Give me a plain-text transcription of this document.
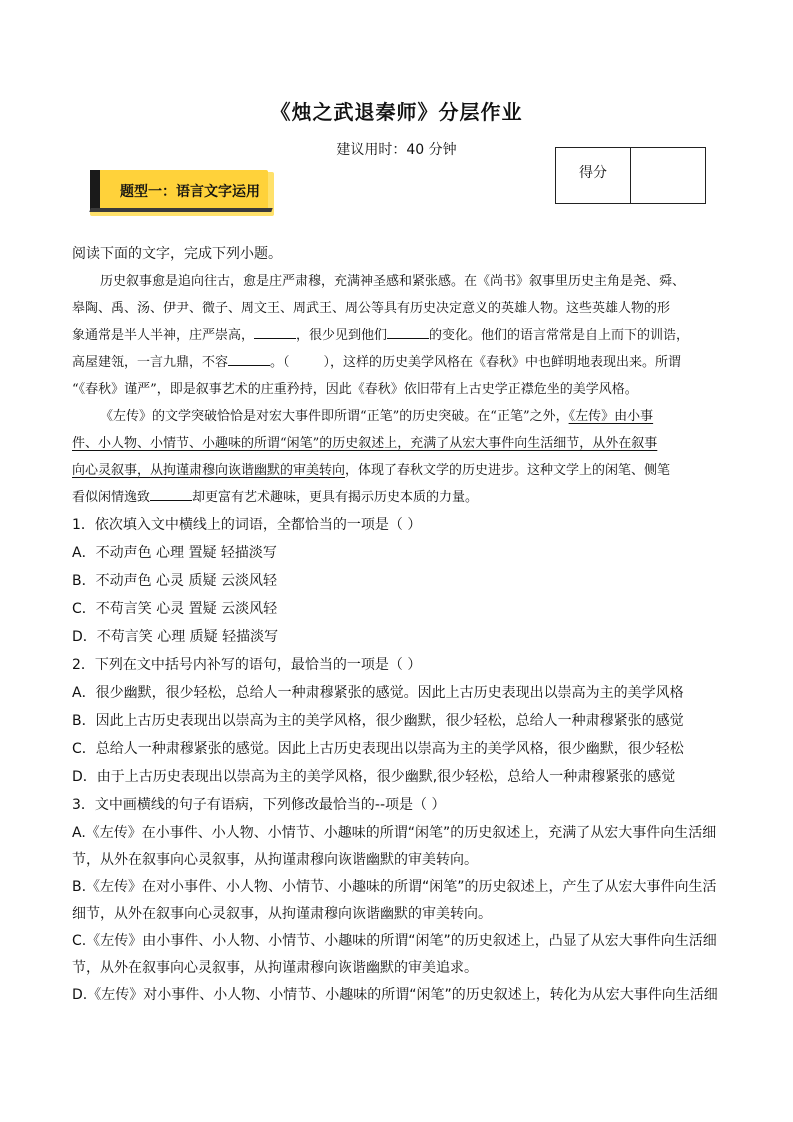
《烛之武退秦师》分层作业
建议用时：40 分钟
得分
题型一：语言文字运用
阅读下面的文字，完成下列小题。
历史叙事愈是追向往古，愈是庄严肃穆，充满神圣感和紧张感。在《尚书》叙事里历史主角是尧、舜、
皋陶、禹、汤、伊尹、微子、周文王、周武王、周公等具有历史决定意义的英雄人物。这些英雄人物的形
象通常是半人半神，庄严崇高，	，很少见到他们	的变化。他们的语言常常是自上而下的训诰，
高屋建瓴，一言九鼎，不容	。（	），这样的历史美学风格在《春秋》中也鲜明地表现出来。所谓
“《春秋》谨严”，即是叙事艺术的庄重矜持，因此《春秋》依旧带有上古史学正襟危坐的美学风格。
《左传》的文学突破恰恰是对宏大事件即所谓“正笔”的历史突破。在“正笔”之外，《左传》由小事
件、小人物、小情节、小趣味的所谓“闲笔”的历史叙述上，充满了从宏大事件向生活细节，从外在叙事
向心灵叙事，从拘谨肃穆向诙谐幽默的审美转向，体现了春秋文学的历史进步。这种文学上的闲笔、侧笔
看似闲情逸致	却更富有艺术趣味，更具有揭示历史本质的力量。
1．依次填入文中横线上的词语，全都恰当的一项是（ ）
A．不动声色 心理 置疑 轻描淡写
B．不动声色 心灵 质疑 云淡风轻
C．不苟言笑 心灵 置疑 云淡风轻
D．不苟言笑 心理 质疑 轻描淡写
2．下列在文中括号内补写的语句，最恰当的一项是（ ）
A．很少幽默，很少轻松，总给人一种肃穆紧张的感觉。因此上古历史表现出以崇高为主的美学风格
B．因此上古历史表现出以崇高为主的美学风格，很少幽默，很少轻松，总给人一种肃穆紧张的感觉
C．总给人一种肃穆紧张的感觉。因此上古历史表现出以崇高为主的美学风格，很少幽默，很少轻松
D．由于上古历史表现出以崇高为主的美学风格，很少幽默,很少轻松，总给人一种肃穆紧张的感觉
3．文中画横线的句子有语病，下列修改最恰当的--项是（ ）
A.《左传》在小事件、小人物、小情节、小趣味的所谓“闲笔”的历史叙述上，充满了从宏大事件向生活细
节，从外在叙事向心灵叙事，从拘谨肃穆向诙谐幽默的审美转向。
B.《左传》在对小事件、小人物、小情节、小趣味的所谓“闲笔”的历史叙述上，产生了从宏大事件向生活
细节，从外在叙事向心灵叙事，从拘谨肃穆向诙谐幽默的审美转向。
C.《左传》由小事件、小人物、小情节、小趣味的所谓“闲笔”的历史叙述上，凸显了从宏大事件向生活细
节，从外在叙事向心灵叙事，从拘谨肃穆向诙谐幽默的审美追求。
D.《左传》对小事件、小人物、小情节、小趣味的所谓“闲笔”的历史叙述上，转化为从宏大事件向生活细
